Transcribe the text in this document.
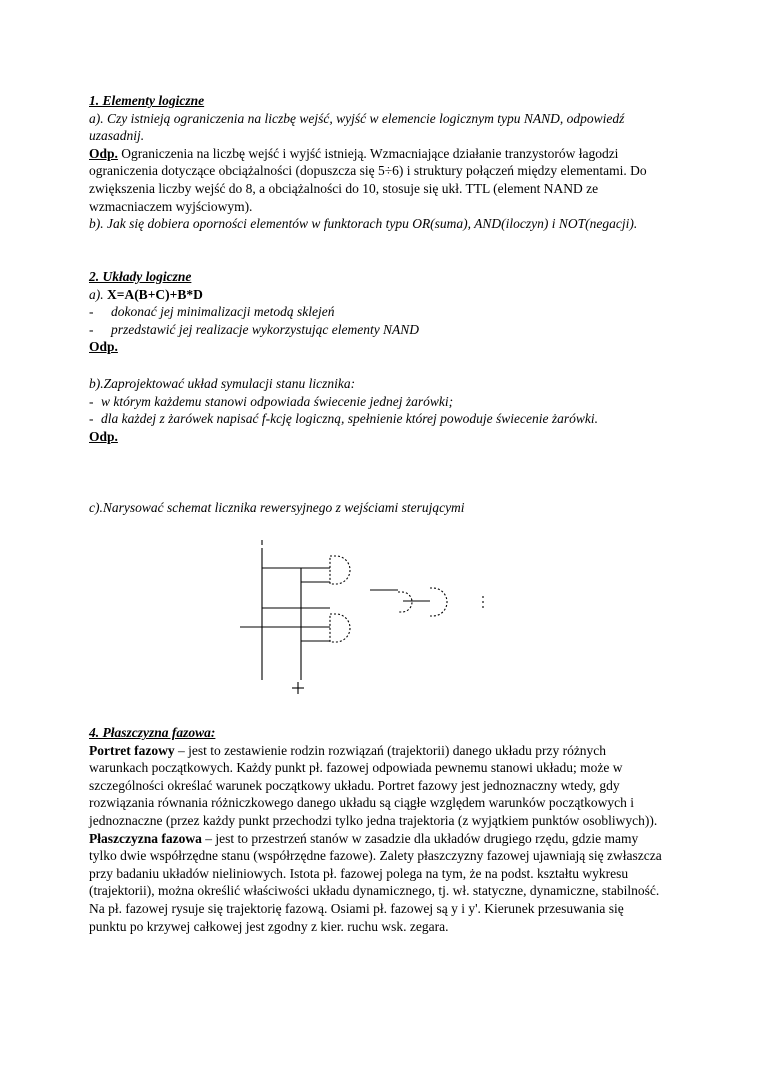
1. Elementy logiczne

a). Czy istnieją ograniczenia na liczbę wejść, wyjść w elemencie logicznym typu NAND, odpowiedź uzasadnij.

Odp. Ograniczenia na liczbę wejść i wyjść istnieją. Wzmacniające działanie tranzystorów łagodzi ograniczenia dotyczące obciążalności (dopuszcza się 5÷6) i struktury połączeń między elementami. Do zwiększenia liczby wejść do 8, a obciążalności do 10, stosuje się ukł. TTL (element NAND ze wzmacniaczem wyjściowym).

b). Jak się dobiera oporności elementów w funktorach typu OR(suma), AND(iloczyn) i NOT(negacji).

2. Układy logiczne

a). X=A(B+C)+B*D

- dokonać jej minimalizacji metodą sklejeń

- przedstawić jej realizacje wykorzystując elementy NAND

Odp.

b).Zaprojektować układ symulacji stanu licznika:

- w którym każdemu stanowi odpowiada świecenie jednej żarówki;

- dla każdej z żarówek napisać f-kcję logiczną, spełnienie której powoduje świecenie żarówki.

Odp.

c).Narysować schemat licznika rewersyjnego z wejściami sterującymi

4. Płaszczyzna fazowa:

Portret fazowy – jest to zestawienie rodzin rozwiązań (trajektorii) danego układu przy różnych warunkach początkowych. Każdy punkt pł. fazowej odpowiada pewnemu stanowi układu; może w szczególności określać warunek początkowy układu. Portret fazowy jest jednoznaczny wtedy, gdy rozwiązania równania różniczkowego danego układu są ciągłe względem warunków początkowych i jednoznaczne (przez każdy punkt przechodzi tylko jedna trajektoria (z wyjątkiem punktów osobliwych)).

Płaszczyzna fazowa – jest to przestrzeń stanów w zasadzie dla układów drugiego rzędu, gdzie mamy tylko dwie współrzędne stanu (współrzędne fazowe). Zalety płaszczyzny fazowej ujawniają się zwłaszcza przy badaniu układów nieliniowych. Istota pł. fazowej polega na tym, że na podst. kształtu wykresu (trajektorii), można określić właściwości układu dynamicznego, tj. wł. statyczne, dynamiczne, stabilność. Na pł. fazowej rysuje się trajektorię fazową. Osiami pł. fazowej są y i y'. Kierunek przesuwania się punktu po krzywej całkowej jest zgodny z kier. ruchu wsk. zegara.
